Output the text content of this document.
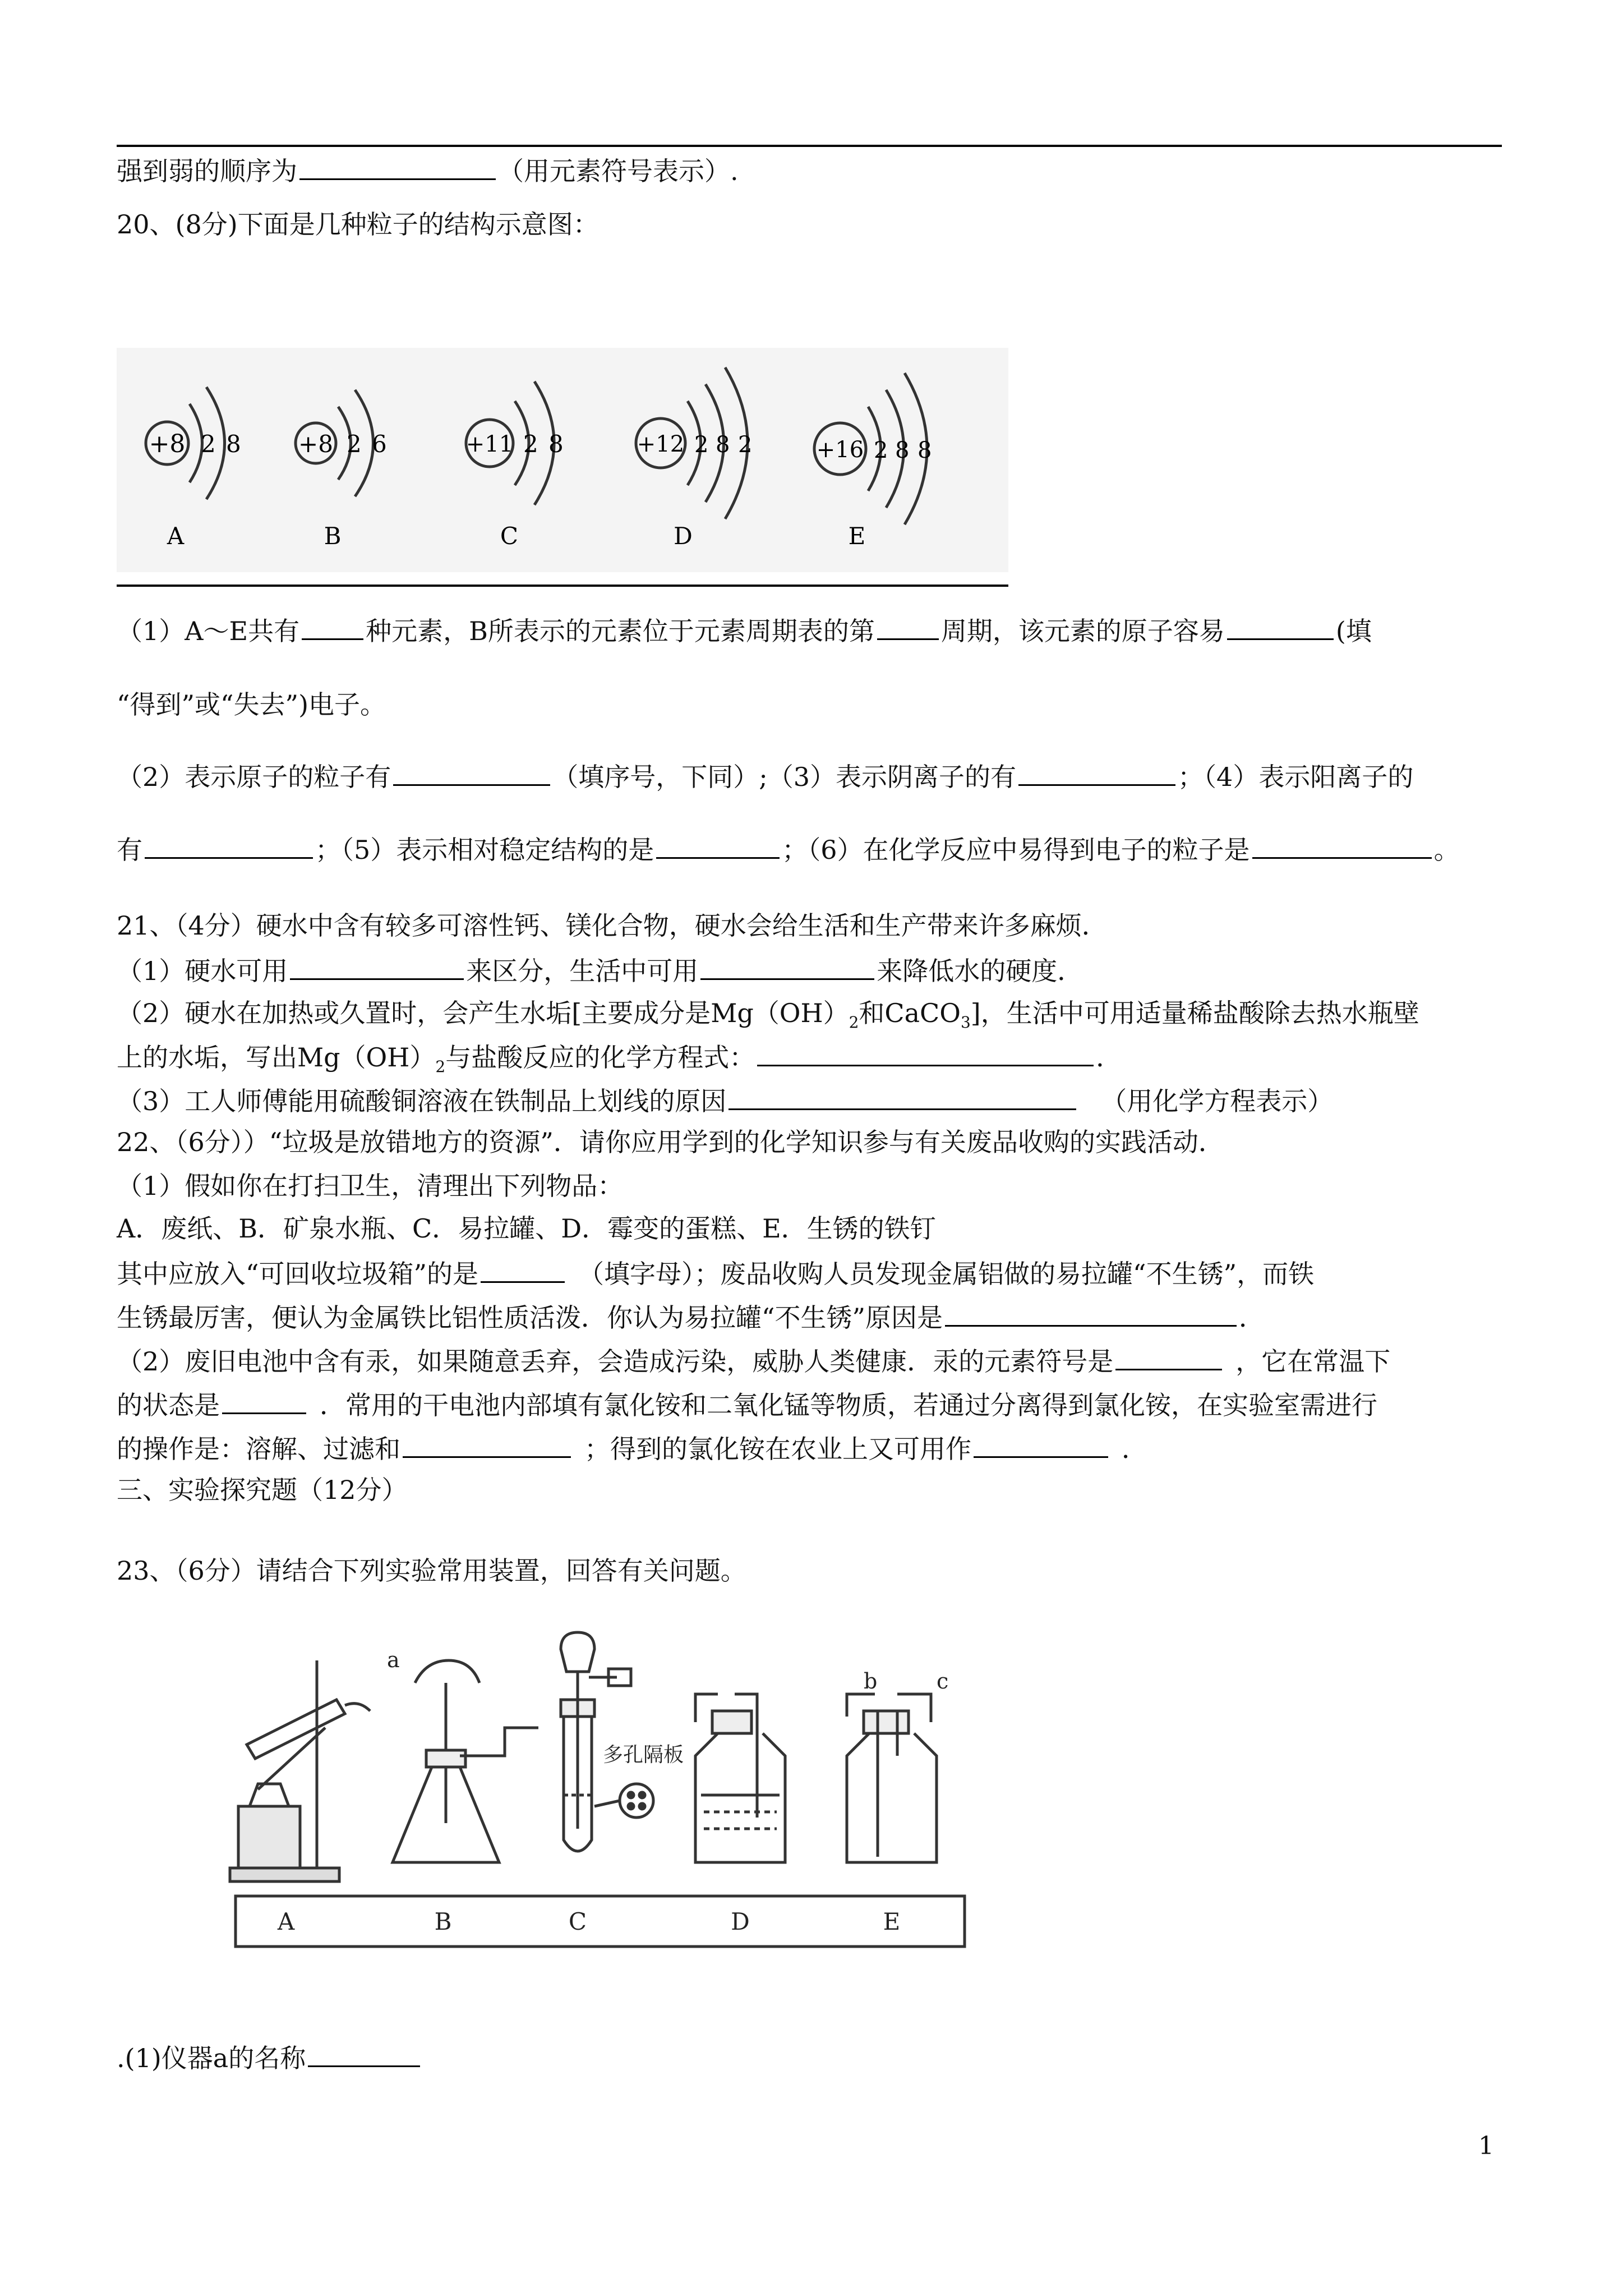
强到弱的顺序为	（用元素符号表示）.
20、(8分)下面是几种粒子的结构示意图：
+8 2 8
A
+8 2 6
B
+11 2 8
C
+12 2 8 2
D
+16 2 8 8
E
（1）A～E共有	种元素，B所表示的元素位于元素周期表的第	周期，该元素的原子容易	(填
“得到”或“失去”)电子。
（2）表示原子的粒子有	（填序号，下同）;（3）表示阴离子的有	；（4）表示阳离子的
有	；（5）表示相对稳定结构的是	；（6）在化学反应中易得到电子的粒子是	。
21、（4分）硬水中含有较多可溶性钙、镁化合物，硬水会给生活和生产带来许多麻烦．
（1）硬水可用	来区分，生活中可用	来降低水的硬度．
（2）硬水在加热或久置时，会产生水垢[主要成分是$Mg(OH)_2$和CaCO$_3$]，生活中可用适量稀盐酸除去热水瓶壁
上的水垢，写出$Mg(OH)_2$与盐酸反应的化学方程式：	．
（3）工人师傅能用硫酸铜溶液在铁制品上划线的原因	（用化学方程表示）
22、（6分））“垃圾是放错地方的资源”．请你应用学到的化学知识参与有关废品收购的实践活动．
（1）假如你在打扫卫生，清理出下列物品：
A．废纸、B．矿泉水瓶、C．易拉罐、D．霉变的蛋糕、E．生锈的铁钉
其中应放入“可回收垃圾箱”的是	（填字母）；废品收购人员发现金属铝做的易拉罐“不生锈”，而铁
生锈最厉害，便认为金属铁比铝性质活泼．你认为易拉罐“不生锈”原因是	．
（2）废旧电池中含有汞，如果随意丢弃，会造成污染，威胁人类健康．汞的元素符号是	，它在常温下
的状态是	．常用的干电池内部填有氯化铵和二氧化锰等物质，若通过分离得到氯化铵，在实验室需进行
的操作是：溶解、过滤和	；得到的氯化铵在农业上又可用作	．
三、实验探究题（12分）
23、（6分）请结合下列实验常用装置，回答有关问题。
多孔隔板
a
b	c
A	B	C	D	E
.(1)仪器a的名称
1
